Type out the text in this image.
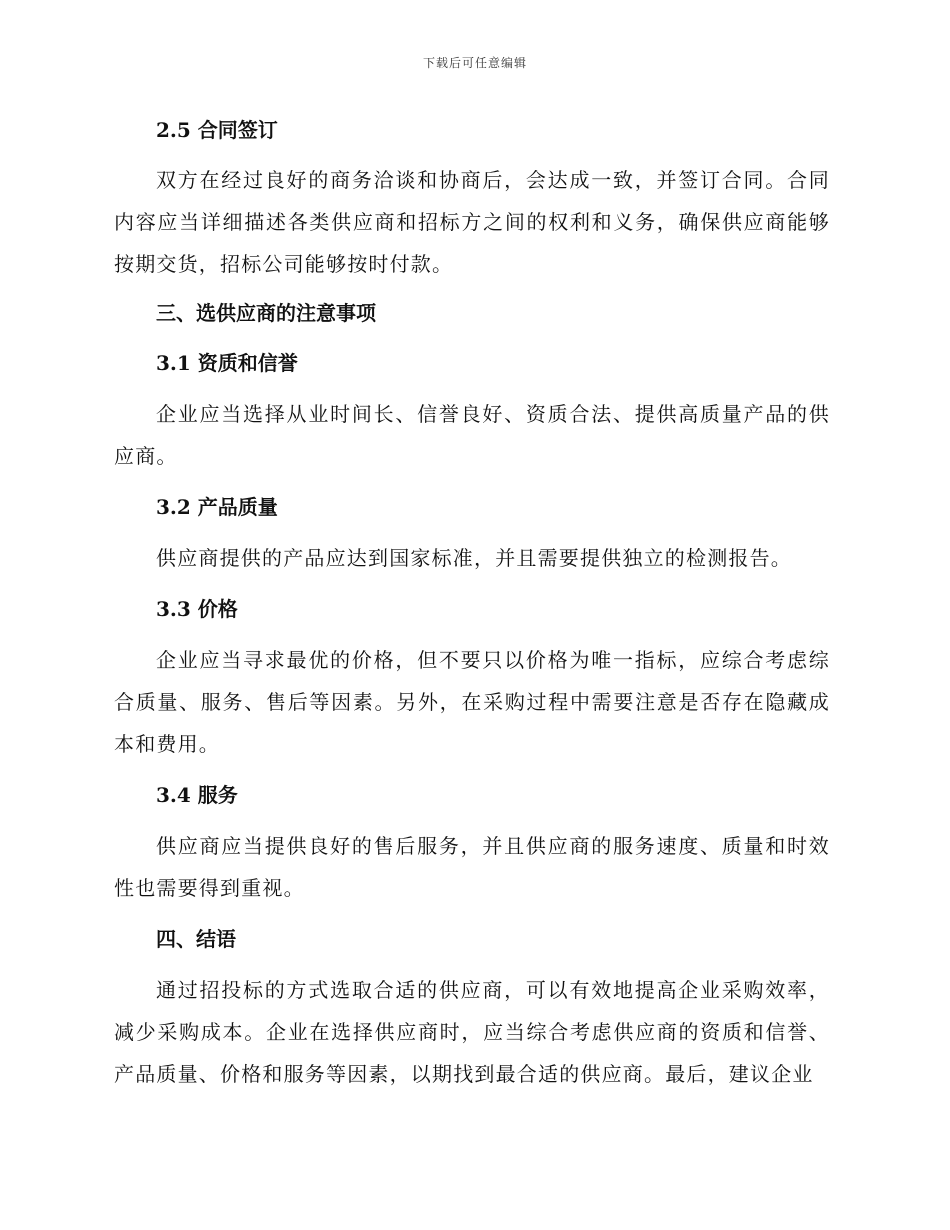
下载后可任意编辑
2.5 合同签订

双方在经过良好的商务洽谈和协商后，会达成一致，并签订合同。合同内容应当详细描述各类供应商和招标方之间的权利和义务，确保供应商能够按期交货，招标公司能够按时付款。

三、选供应商的注意事项
3.1 资质和信誉

企业应当选择从业时间长、信誉良好、资质合法、提供高质量产品的供应商。

3.2 产品质量

供应商提供的产品应达到国家标准，并且需要提供独立的检测报告。

3.3 价格

企业应当寻求最优的价格，但不要只以价格为唯一指标，应综合考虑综合质量、服务、售后等因素。另外，在采购过程中需要注意是否存在隐藏成本和费用。

3.4 服务

供应商应当提供良好的售后服务，并且供应商的服务速度、质量和时效性也需要得到重视。

四、结语

通过招投标的方式选取合适的供应商，可以有效地提高企业采购效率，减少采购成本。企业在选择供应商时，应当综合考虑供应商的资质和信誉、产品质量、价格和服务等因素，以期找到最合适的供应商。最后，建议企业
